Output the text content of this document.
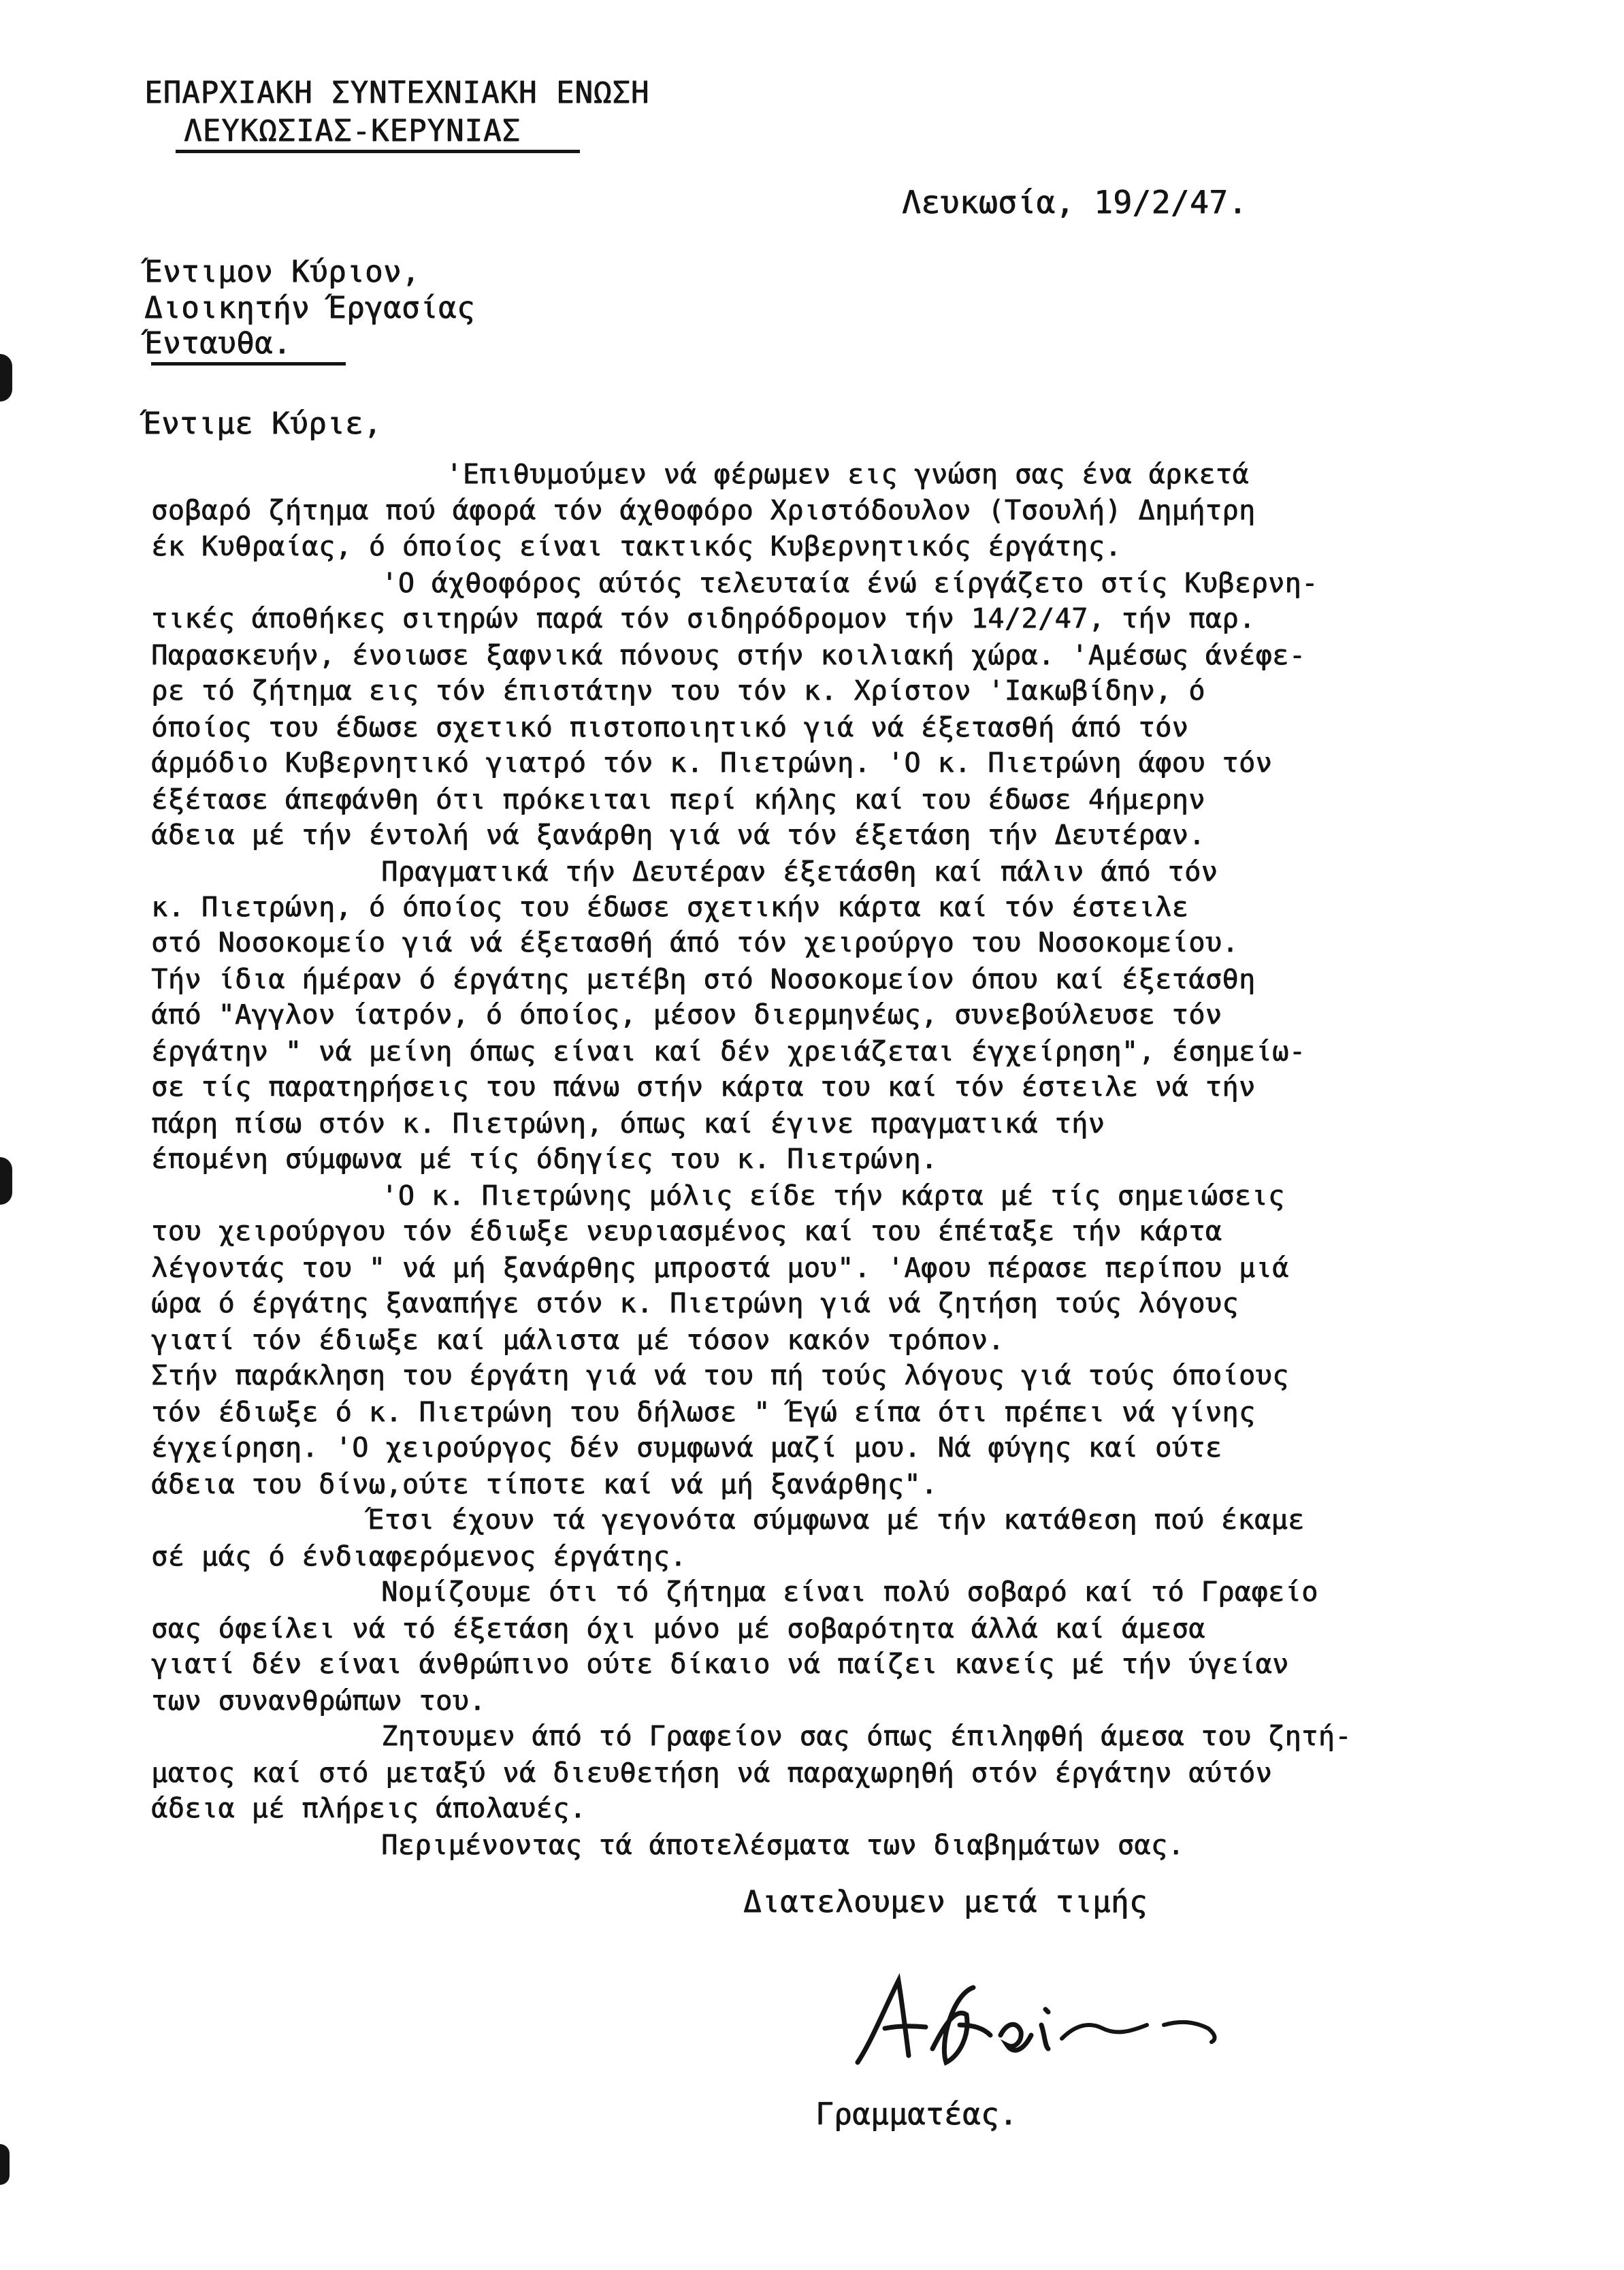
ΕΠΑΡΧΙΑΚΗ ΣΥΝΤΕΧΝΙΑΚΗ ΕΝΩΣΗ
ΛΕΥΚΩΣΙΑΣ-ΚΕΡΥΝΙΑΣ
Λευκωσία, 19/2/47.
Έντιμον Κύριον,
Διοικητήν Έργασίας
Ένταυθα.
Έντιμε Κύριε,
'Επιθυμούμεν νά φέρωμεν εις γνώση σας ένα άρκετά
σοβαρό ζήτημα πού άφορά τόν άχθοφόρο Χριστόδουλον (Τσουλή) Δημήτρη
έκ Κυθραίας, ό όποίος είναι τακτικός Κυβερνητικός έργάτης.
'Ο άχθοφόρος αύτός τελευταία ένώ είργάζετο στίς Κυβερνη-
τικές άποθήκες σιτηρών παρά τόν σιδηρόδρομον τήν 14/2/47, τήν παρ.
Παρασκευήν, ένοιωσε ξαφνικά πόνους στήν κοιλιακή χώρα. 'Αμέσως άνέφε-
ρε τό ζήτημα εις τόν έπιστάτην του τόν κ. Χρίστον 'Ιακωβίδην, ό
όποίος του έδωσε σχετικό πιστοποιητικό γιά νά έξετασθή άπό τόν
άρμόδιο Κυβερνητικό γιατρό τόν κ. Πιετρώνη. 'Ο κ. Πιετρώνη άφου τόν
έξέτασε άπεφάνθη ότι πρόκειται περί κήλης καί του έδωσε 4ήμερην
άδεια μέ τήν έντολή νά ξανάρθη γιά νά τόν έξετάση τήν Δευτέραν.
Πραγματικά τήν Δευτέραν έξετάσθη καί πάλιν άπό τόν
κ. Πιετρώνη, ό όποίος του έδωσε σχετικήν κάρτα καί τόν έστειλε
στό Νοσοκομείο γιά νά έξετασθή άπό τόν χειρούργο του Νοσοκομείου.
Τήν ίδια ήμέραν ό έργάτης μετέβη στό Νοσοκομείον όπου καί έξετάσθη
άπό "Αγγλον ίατρόν, ό όποίος, μέσον διερμηνέως, συνεβούλευσε τόν
έργάτην " νά μείνη όπως είναι καί δέν χρειάζεται έγχείρηση", έσημείω-
σε τίς παρατηρήσεις του πάνω στήν κάρτα του καί τόν έστειλε νά τήν
πάρη πίσω στόν κ. Πιετρώνη, όπως καί έγινε πραγματικά τήν
έπομένη σύμφωνα μέ τίς όδηγίες του κ. Πιετρώνη.
'Ο κ. Πιετρώνης μόλις είδε τήν κάρτα μέ τίς σημειώσεις
του χειρούργου τόν έδιωξε νευριασμένος καί του έπέταξε τήν κάρτα
λέγοντάς του " νά μή ξανάρθης μπροστά μου". 'Αφου πέρασε περίπου μιά
ώρα ό έργάτης ξαναπήγε στόν κ. Πιετρώνη γιά νά ζητήση τούς λόγους
γιατί τόν έδιωξε καί μάλιστα μέ τόσον κακόν τρόπον.
Στήν παράκληση του έργάτη γιά νά του πή τούς λόγους γιά τούς όποίους
τόν έδιωξε ό κ. Πιετρώνη του δήλωσε " Έγώ είπα ότι πρέπει νά γίνης
έγχείρηση. 'Ο χειρούργος δέν συμφωνά μαζί μου. Νά φύγης καί ούτε
άδεια του δίνω,ούτε τίποτε καί νά μή ξανάρθης".
Έτσι έχουν τά γεγονότα σύμφωνα μέ τήν κατάθεση πού έκαμε
σέ μάς ό ένδιαφερόμενος έργάτης.
Νομίζουμε ότι τό ζήτημα είναι πολύ σοβαρό καί τό Γραφείο
σας όφείλει νά τό έξετάση όχι μόνο μέ σοβαρότητα άλλά καί άμεσα
γιατί δέν είναι άνθρώπινο ούτε δίκαιο νά παίζει κανείς μέ τήν ύγείαν
των συνανθρώπων του.
Ζητουμεν άπό τό Γραφείον σας όπως έπιληφθή άμεσα του ζητή-
ματος καί στό μεταξύ νά διευθετήση νά παραχωρηθή στόν έργάτην αύτόν
άδεια μέ πλήρεις άπολαυές.
Περιμένοντας τά άποτελέσματα των διαβημάτων σας.
Διατελουμεν μετά τιμής
Γραμματέας.
